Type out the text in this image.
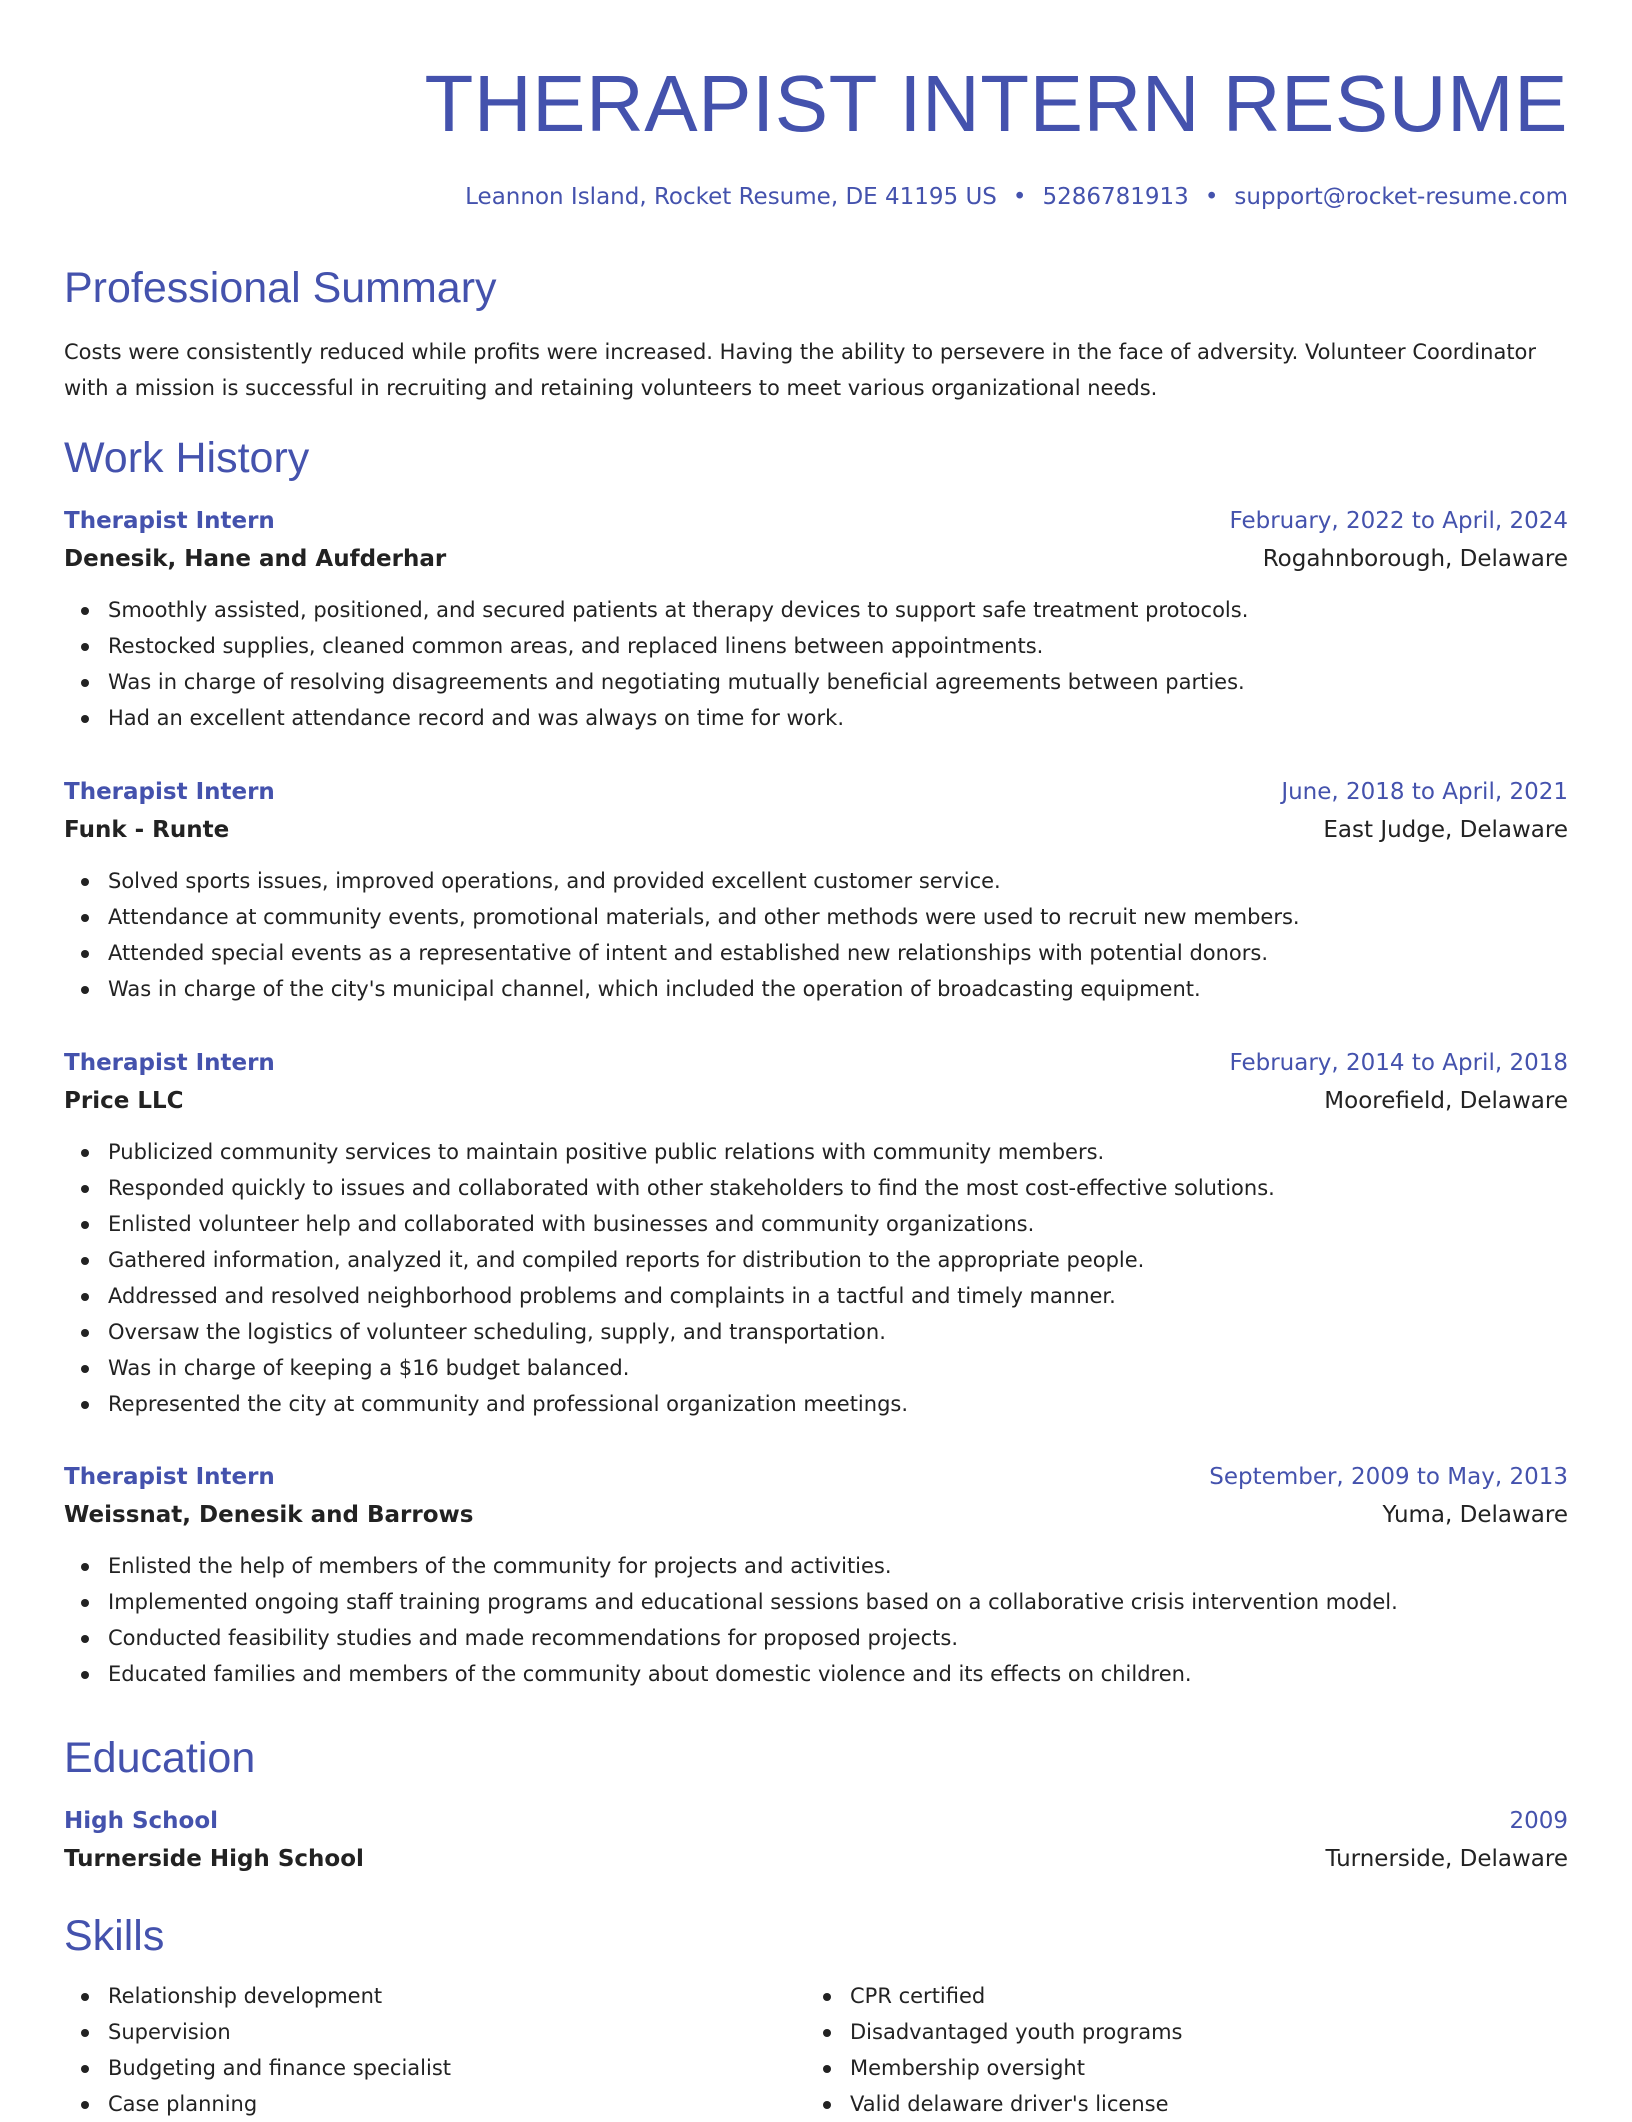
THERAPIST INTERN RESUME
Leannon Island, Rocket Resume, DE 41195 US • 5286781913 • support@rocket-resume.com
Professional Summary

Costs were consistently reduced while profits were increased. Having the ability to persevere in the face of adversity. Volunteer Coordinator with a mission is successful in recruiting and retaining volunteers to meet various organizational needs.

Work History
Therapist Intern	February, 2022 to April, 2024
Denesik, Hane and Aufderhar	Rogahnborough, Delaware
Smoothly assisted, positioned, and secured patients at therapy devices to support safe treatment protocols.
Restocked supplies, cleaned common areas, and replaced linens between appointments.
Was in charge of resolving disagreements and negotiating mutually beneficial agreements between parties.
Had an excellent attendance record and was always on time for work.
Therapist Intern	June, 2018 to April, 2021
Funk - Runte	East Judge, Delaware
Solved sports issues, improved operations, and provided excellent customer service.
Attendance at community events, promotional materials, and other methods were used to recruit new members.
Attended special events as a representative of intent and established new relationships with potential donors.
Was in charge of the city's municipal channel, which included the operation of broadcasting equipment.
Therapist Intern	February, 2014 to April, 2018
Price LLC	Moorefield, Delaware
Publicized community services to maintain positive public relations with community members.
Responded quickly to issues and collaborated with other stakeholders to find the most cost-effective solutions.
Enlisted volunteer help and collaborated with businesses and community organizations.
Gathered information, analyzed it, and compiled reports for distribution to the appropriate people.
Addressed and resolved neighborhood problems and complaints in a tactful and timely manner.
Oversaw the logistics of volunteer scheduling, supply, and transportation.
Was in charge of keeping a $16 budget balanced.
Represented the city at community and professional organization meetings.
Therapist Intern	September, 2009 to May, 2013
Weissnat, Denesik and Barrows	Yuma, Delaware
Enlisted the help of members of the community for projects and activities.
Implemented ongoing staff training programs and educational sessions based on a collaborative crisis intervention model.
Conducted feasibility studies and made recommendations for proposed projects.
Educated families and members of the community about domestic violence and its effects on children.
Education
High School	2009
Turnerside High School	Turnerside, Delaware
Skills
Relationship development
Supervision
Budgeting and finance specialist
Case planning
CPR certified
Disadvantaged youth programs
Membership oversight
Valid delaware driver's license
